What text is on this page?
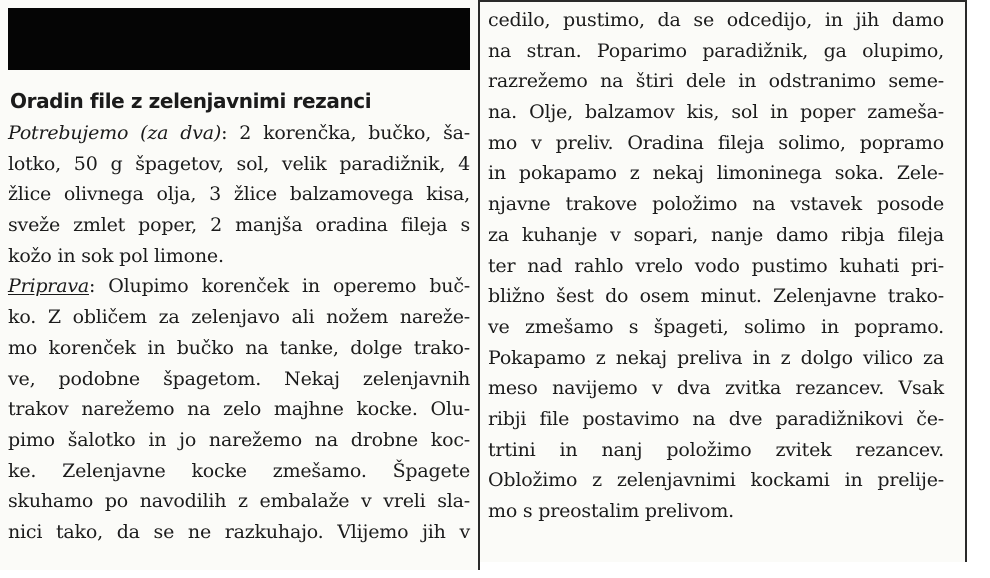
Oradin file z zelenjavnimi rezanci
Potrebujemo (za dva): 2 korenčka, bučko, ša-
lotko, 50 g špagetov, sol, velik paradižnik, 4
žlice olivnega olja, 3 žlice balzamovega kisa,
sveže zmlet poper, 2 manjša oradina fileja s
kožo in sok pol limone.
Priprava: Olupimo korenček in operemo buč-
ko. Z obličem za zelenjavo ali nožem nareže-
mo korenček in bučko na tanke, dolge trako-
ve, podobne špagetom. Nekaj zelenjavnih
trakov narežemo na zelo majhne kocke. Olu-
pimo šalotko in jo narežemo na drobne koc-
ke. Zelenjavne kocke zmešamo. Špagete
skuhamo po navodilih z embalaže v vreli sla-
nici tako, da se ne razkuhajo. Vlijemo jih v
cedilo, pustimo, da se odcedijo, in jih damo
na stran. Poparimo paradižnik, ga olupimo,
razrežemo na štiri dele in odstranimo seme-
na. Olje, balzamov kis, sol in poper zameša-
mo v preliv. Oradina fileja solimo, popramo
in pokapamo z nekaj limoninega soka. Zele-
njavne trakove položimo na vstavek posode
za kuhanje v sopari, nanje damo ribja fileja
ter nad rahlo vrelo vodo pustimo kuhati pri-
bližno šest do osem minut. Zelenjavne trako-
ve zmešamo s špageti, solimo in popramo.
Pokapamo z nekaj preliva in z dolgo vilico za
meso navijemo v dva zvitka rezancev. Vsak
ribji file postavimo na dve paradižnikovi če-
trtini in nanj položimo zvitek rezancev.
Obložimo z zelenjavnimi kockami in prelije-
mo s preostalim prelivom.
